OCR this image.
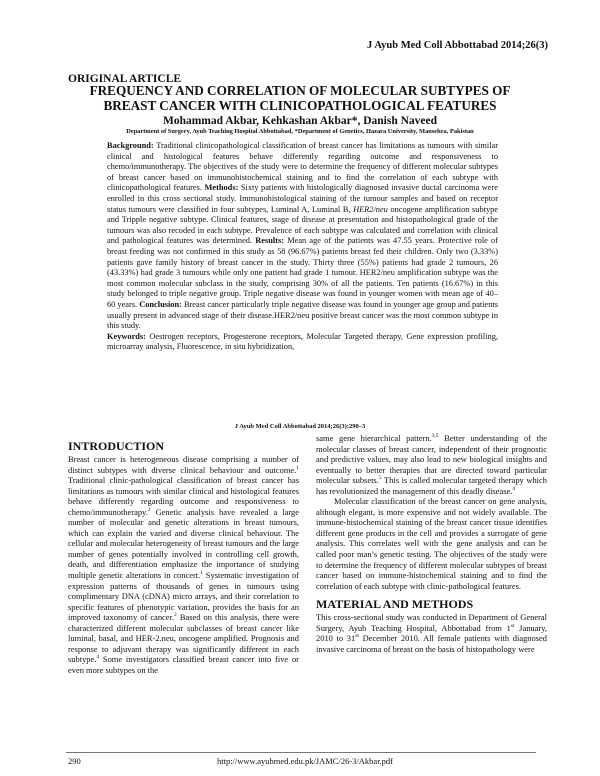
J Ayub Med Coll Abbottabad 2014;26(3)
ORIGINAL ARTICLE
FREQUENCY AND CORRELATION OF MOLECULAR SUBTYPES OF
BREAST CANCER WITH CLINICOPATHOLOGICAL FEATURES
Mohammad Akbar, Kehkashan Akbar*, Danish Naveed
Department of Surgery, Ayub Teaching Hospital Abbottabad, *Department of Genetics, Hazara University, Mansehra, Pakistan

Background: Traditional clinicopathological classification of breast cancer has limitations as tumours with similar clinical and histological features behave differently regarding outcome and responsiveness to chemo/immunotherapy. The objectives of the study were to determine the frequency of different molecular subtypes of breast cancer based on immunohistochemical staining and to find the correlation of each subtype with clinicopathological features. Methods: Sixty patients with histologically diagnosed invasive ductal carcinoma were enrolled in this cross sectional study. Immunohistological staining of the tumour samples and based on receptor status tumours were classified in four subtypes, Luminal A, Luminal B, HER2/neu oncogene amplification subtype and Tripple negative subtype. Clinical features, stage of disease at presentation and histopathological grade of the tumours was also recoded in each subtype. Prevalence of each subtype was calculated and correlation with clinical and pathological features was determined. Results: Mean age of the patients was 47.55 years. Protective role of breast feeding was not confirmed in this study as 58 (96.67%) patients breast fed their children. Only two (3.33%) patients gave family history of breast cancer in the study. Thirty three (55%) patients had grade 2 tumours, 26 (43.33%) had grade 3 tumours while only one patient had grade 1 tumour. HER2/neu amplification subtype was the most common molecular subclass in the study, comprising 30% of all the patients. Ten patients (16.67%) in this study belonged to triple negative group. Triple negative disease was found in younger women with mean age of 40–60 years. Conclusion: Breast cancer particularly triple negative disease was found in younger age group and patients usually present in advanced stage of their disease.HER2/neu positive breast cancer was the most common subtype in this study.

Keywords: Oestrogen receptors, Progesterone receptors, Molecular Targeted therapy, Gene expression profiling, microarray analysis, Fluorescence, in situ hybridization,

J Ayub Med Coll Abbottabad 2014;26(3):290–3
INTRODUCTION

Breast cancer is heterogeneous disease comprising a number of distinct subtypes with diverse clinical behaviour and outcome.$^1$ Traditional clinic-pathological classification of breast cancer has limitations as tumours with similar clinical and histological features behave differently regarding outcome and responsiveness to chemo/immunotherapy.$^2$ Genetic analysis have revealed a large number of molecular and genetic alterations in breast tumours, which can explain the varied and diverse clinical behaviour. The cellular and molecular heterogeneity of breast tumours and the large number of genes potentially involved in controlling cell growth, death, and differentiation emphasize the importance of studying multiple genetic alterations in concert.$^1$ Systematic investigation of expression patterns of thousands of genes in tumours using complimentary DNA (cDNA) micro arrays, and their correlation to specific features of phenotypic variation, provides the basis for an improved taxonomy of cancer.$^2$ Based on this analysis, there were characterized different molecular subclasses of breast cancer like luminal, basal, and HER-2.neu, oncogene amplified. Prognosis and response to adjuvant therapy was significantly different in each subtype.$^4$ Some investigators classified breast cancer into five or even more subtypes on the

same gene hierarchical pattern.$^{3,5}$ Better understanding of the molecular classes of breast cancer, independent of their prognostic and predictive values, may also lead to new biological insights and eventually to better therapies that are directed toward particular molecular subsets.$^5$ This is called molecular targeted therapy which has revolutionized the management of this deadly disease.$^4$

Molecular classification of the breast cancer on gene analysis, although elegant, is more expensive and not widely available. The immune-histochemical staining of the breast cancer tissue identifies different gene products in the cell and provides a surrogate of gene analysis. This correlates well with the gene analysis and can be called poor man’s genetic testing. The objectives of the study were to determine the frequency of different molecular subtypes of breast cancer based on immune-histochemical staining and to find the correlation of each subtype with clinic-pathological features.

MATERIAL AND METHODS

This cross-sectional study was conducted in Department of General Surgery, Ayub Teaching Hospital, Abbottabad from 1st January, 2010 to 31st December 2010. All female patients with diagnosed invasive carcinoma of breast on the basis of histopathology were

290	http://www.ayubmed.edu.pk/JAMC/26-3/Akbar.pdf
